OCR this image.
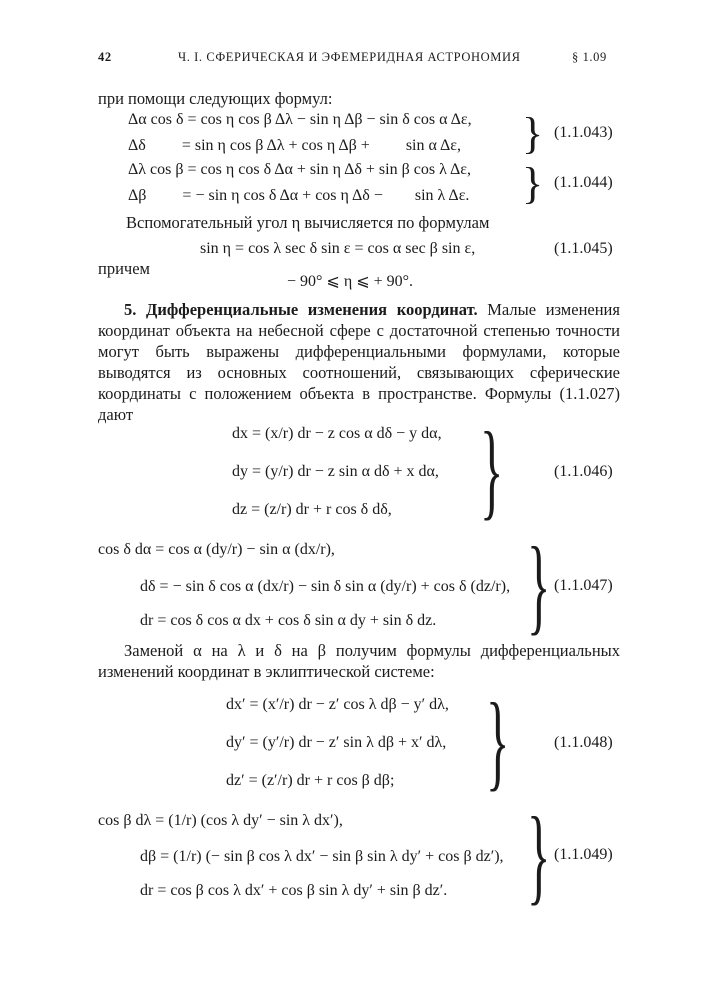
42	Ч. I. СФЕРИЧЕСКАЯ И ЭФЕМЕРИДНАЯ АСТРОНОМИЯ	§ 1.09
при помощи следующих формул:
Δα cos δ = cos η cos β Δλ − sin η Δβ − sin δ cos α Δε,
Δδ         = sin η cos β Δλ + cos η Δβ +         sin α Δε, } (1.1.043)
Δλ cos β = cos η cos δ Δα + sin η Δδ + sin β cos λ Δε,
Δβ         = − sin η cos δ Δα + cos η Δδ −        sin λ Δε. } (1.1.044)
Вспомогательный угол η вычисляется по формулам
sin η = cos λ sec δ sin ε = cos α sec β sin ε,	(1.1.045)
причем
− 90° ⩽ η ⩽ + 90°.
5. Дифференциальные изменения координат. Малые изменения координат объекта на небесной сфере с достаточной степенью точности могут быть выражены дифференциальными формулами, которые выводятся из основных соотношений, связывающих сферические координаты с положением объекта в пространстве. Формулы (1.1.027) дают
dx = (x/r) dr − z cos α dδ − y dα,
dy = (y/r) dr − z sin α dδ + x dα,
dz = (z/r) dr + r cos δ dδ, }	(1.1.046)
cos δ dα = cos α (dy/r) − sin α (dx/r),
dδ = − sin δ cos α (dx/r) − sin δ sin α (dy/r) + cos δ (dz/r),
dr = cos δ cos α dx + cos δ sin α dy + sin δ dz. } (1.1.047)
Заменой α на λ и δ на β получим формулы дифференциальных изменений координат в эклиптической системе:
dx′ = (x′/r) dr − z′ cos λ dβ − y′ dλ,
dy′ = (y′/r) dr − z′ sin λ dβ + x′ dλ,
dz′ = (z′/r) dr + r cos β dβ; }	(1.1.048)
cos β dλ = (1/r) (cos λ dy′ − sin λ dx′),
dβ = (1/r) (− sin β cos λ dx′ − sin β sin λ dy′ + cos β dz′),
dr = cos β cos λ dx′ + cos β sin λ dy′ + sin β dz′. } (1.1.049)
